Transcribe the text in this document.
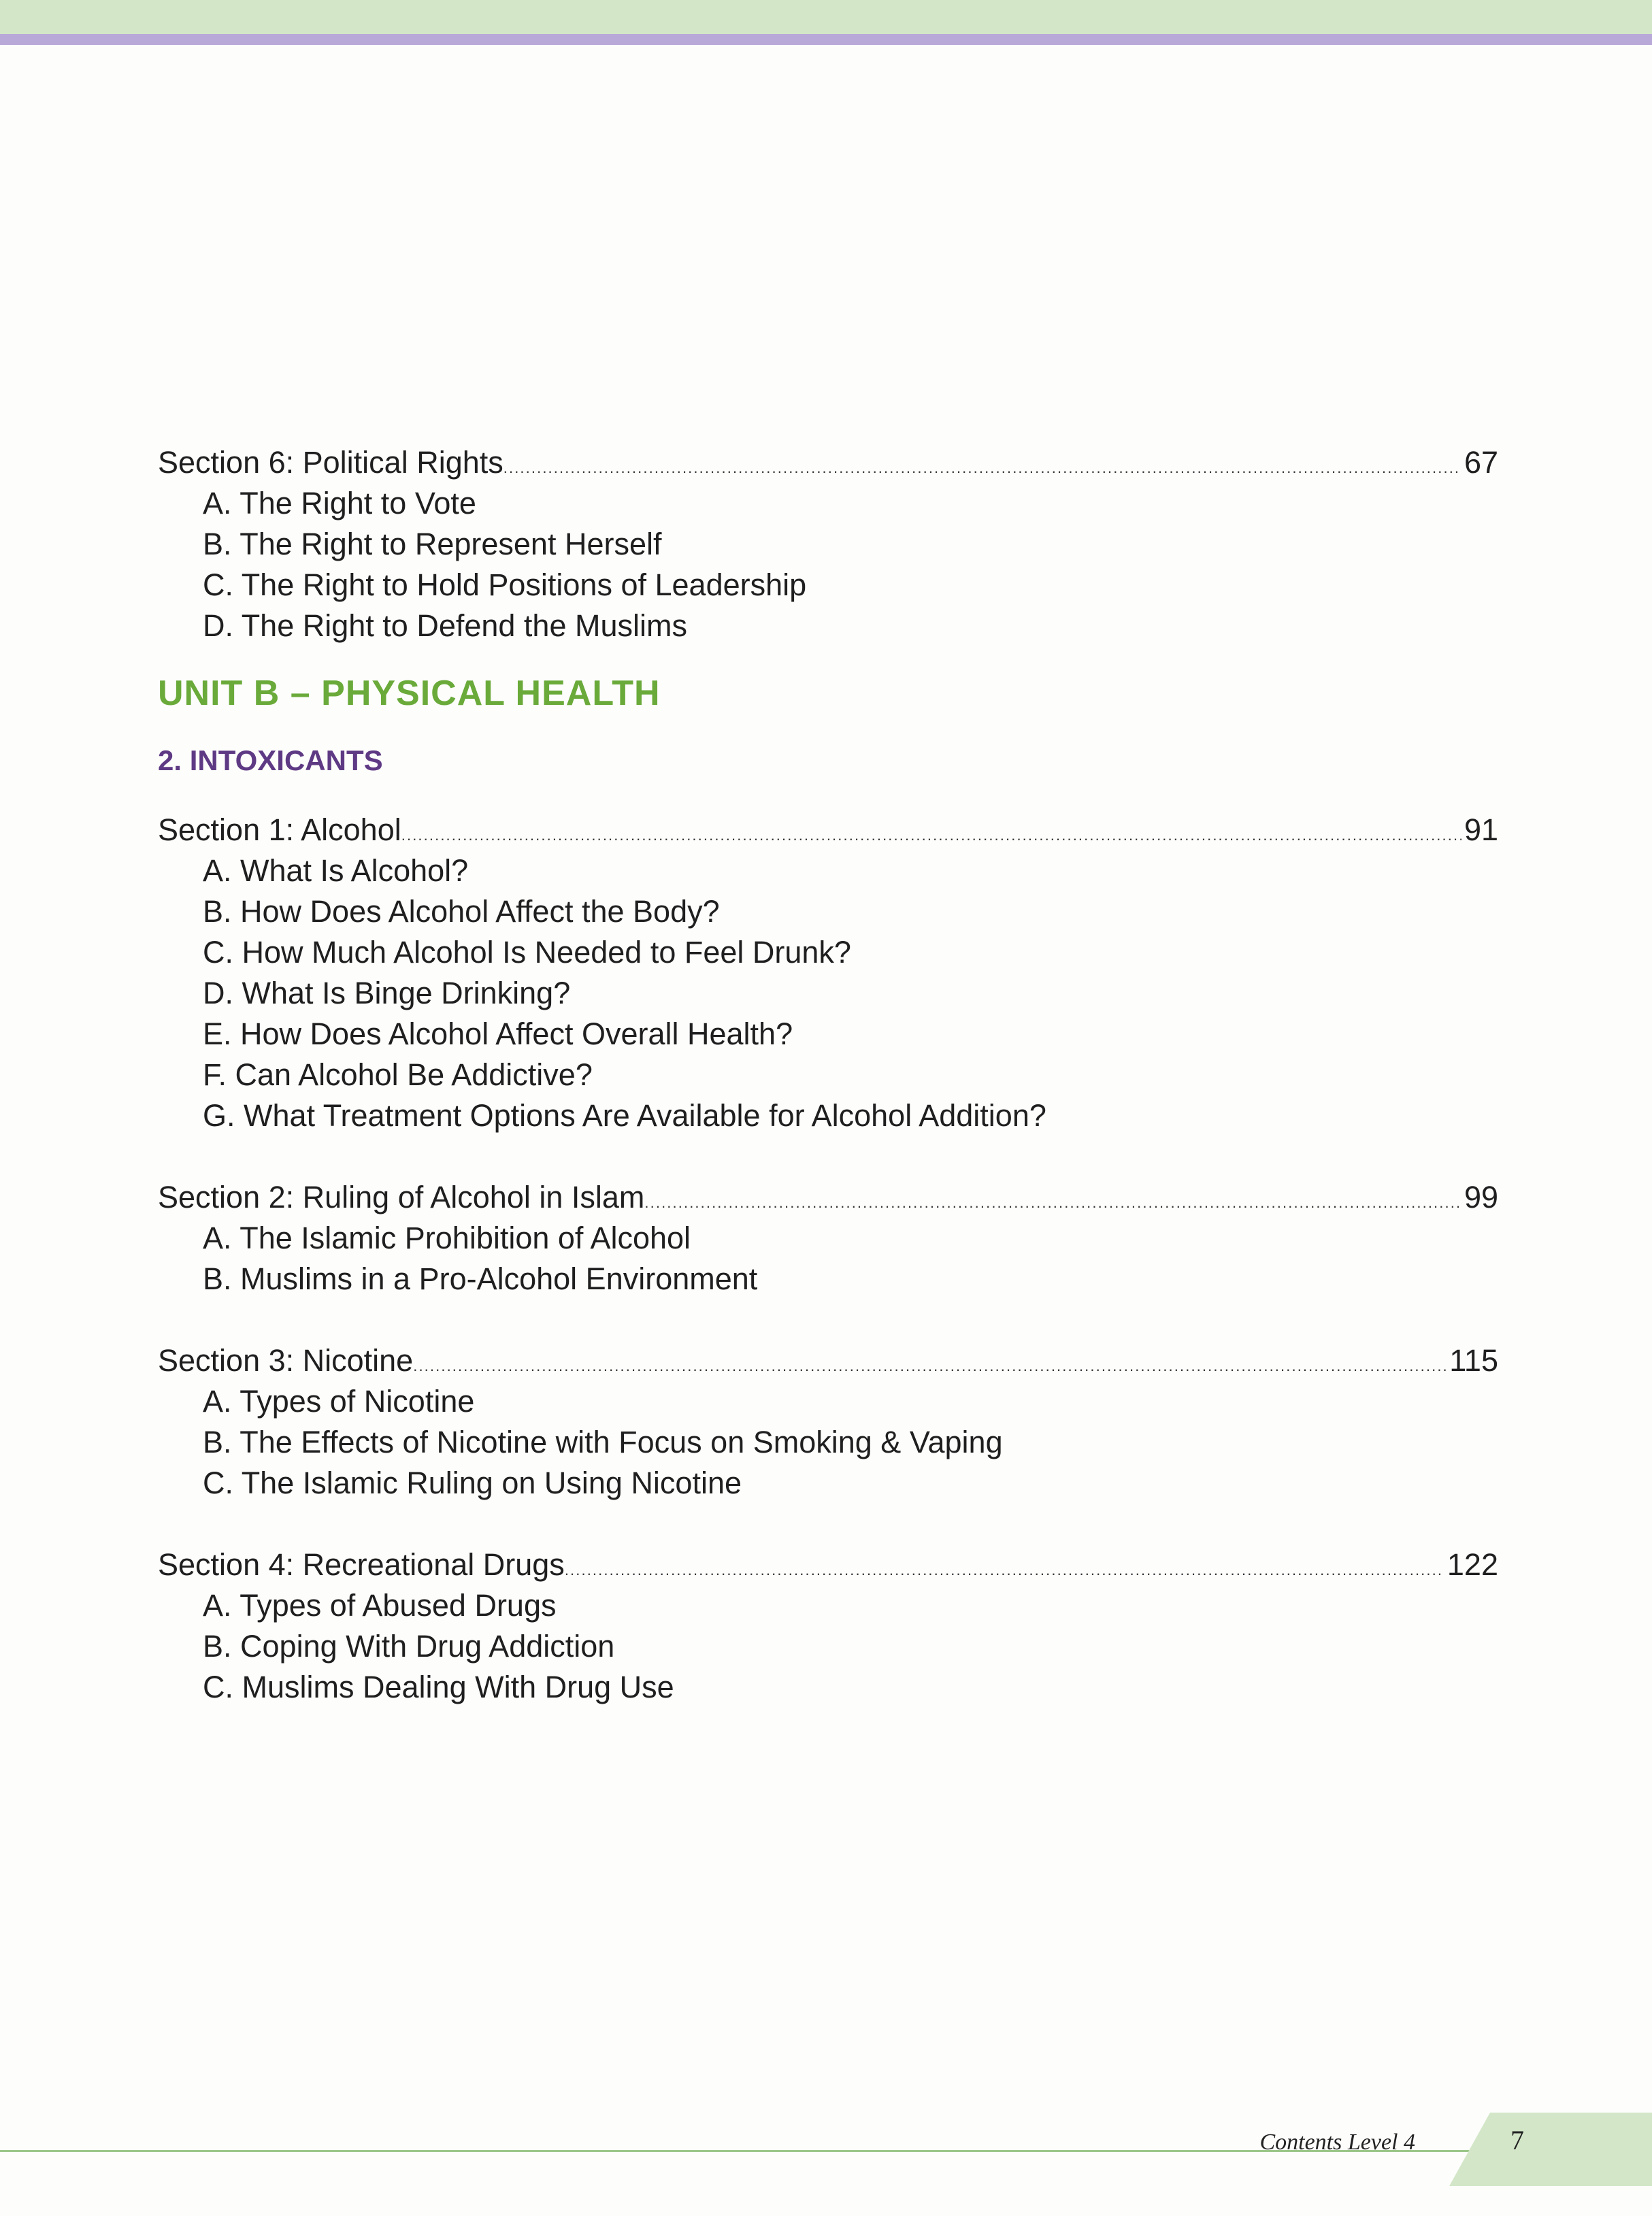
Section 6: Political Rights . . .	67
A. The Right to Vote
B. The Right to Represent Herself
C. The Right to Hold Positions of Leadership
D. The Right to Defend the Muslims
UNIT B – PHYSICAL HEALTH
2. INTOXICANTS
Section 1: Alcohol . . .	91
A. What Is Alcohol?
B. How Does Alcohol Affect the Body?
C. How Much Alcohol Is Needed to Feel Drunk?
D. What Is Binge Drinking?
E. How Does Alcohol Affect Overall Health?
F. Can Alcohol Be Addictive?
G. What Treatment Options Are Available for Alcohol Addition?
Section 2: Ruling of Alcohol in Islam . . .	99
A. The Islamic Prohibition of Alcohol
B. Muslims in a Pro-Alcohol Environment
Section 3: Nicotine . . .	115
A. Types of Nicotine
B. The Effects of Nicotine with Focus on Smoking & Vaping
C. The Islamic Ruling on Using Nicotine
Section 4: Recreational Drugs . . .	122
A. Types of Abused Drugs
B. Coping With Drug Addiction
C. Muslims Dealing With Drug Use
Contents Level 4	7
